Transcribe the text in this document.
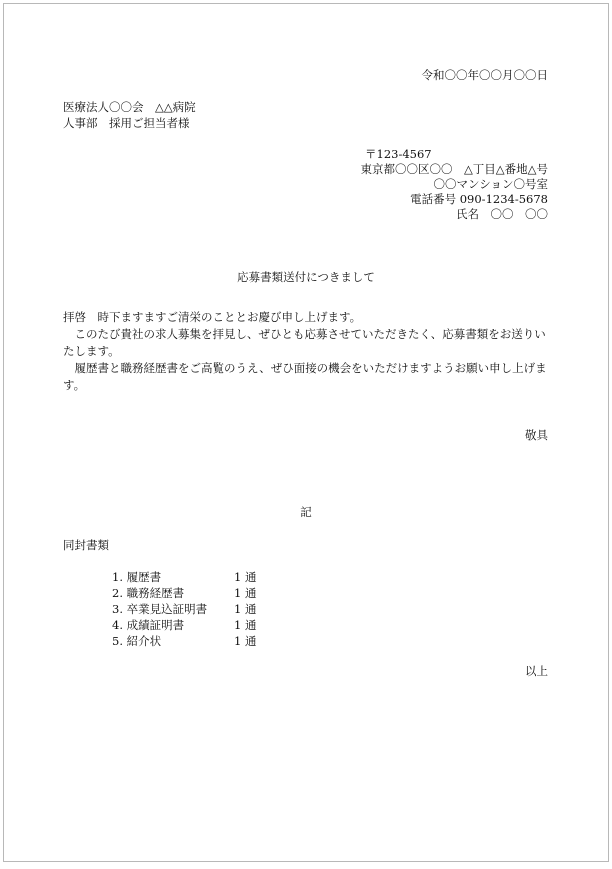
令和〇〇年〇〇月〇〇日
医療法人〇〇会　△△病院
人事部　採用ご担当者様
〒123-4567
東京都〇〇区〇〇　△丁目△番地△号
〇〇マンション〇号室
電話番号 090-1234-5678
氏名　〇〇　〇〇
応募書類送付につきまして

拝啓　時下ますますご清栄のこととお慶び申し上げます。

このたび貴社の求人募集を拝見し、ぜひとも応募させていただきたく、応募書類をお送りいたします。

履歴書と職務経歴書をご高覧のうえ、ぜひ面接の機会をいただけますようお願い申し上げます。

敬具
記
同封書類
1. 履歴書	1 通
2. 職務経歴書	1 通
3. 卒業見込証明書	1 通
4. 成績証明書	1 通
5. 紹介状	1 通
以上
